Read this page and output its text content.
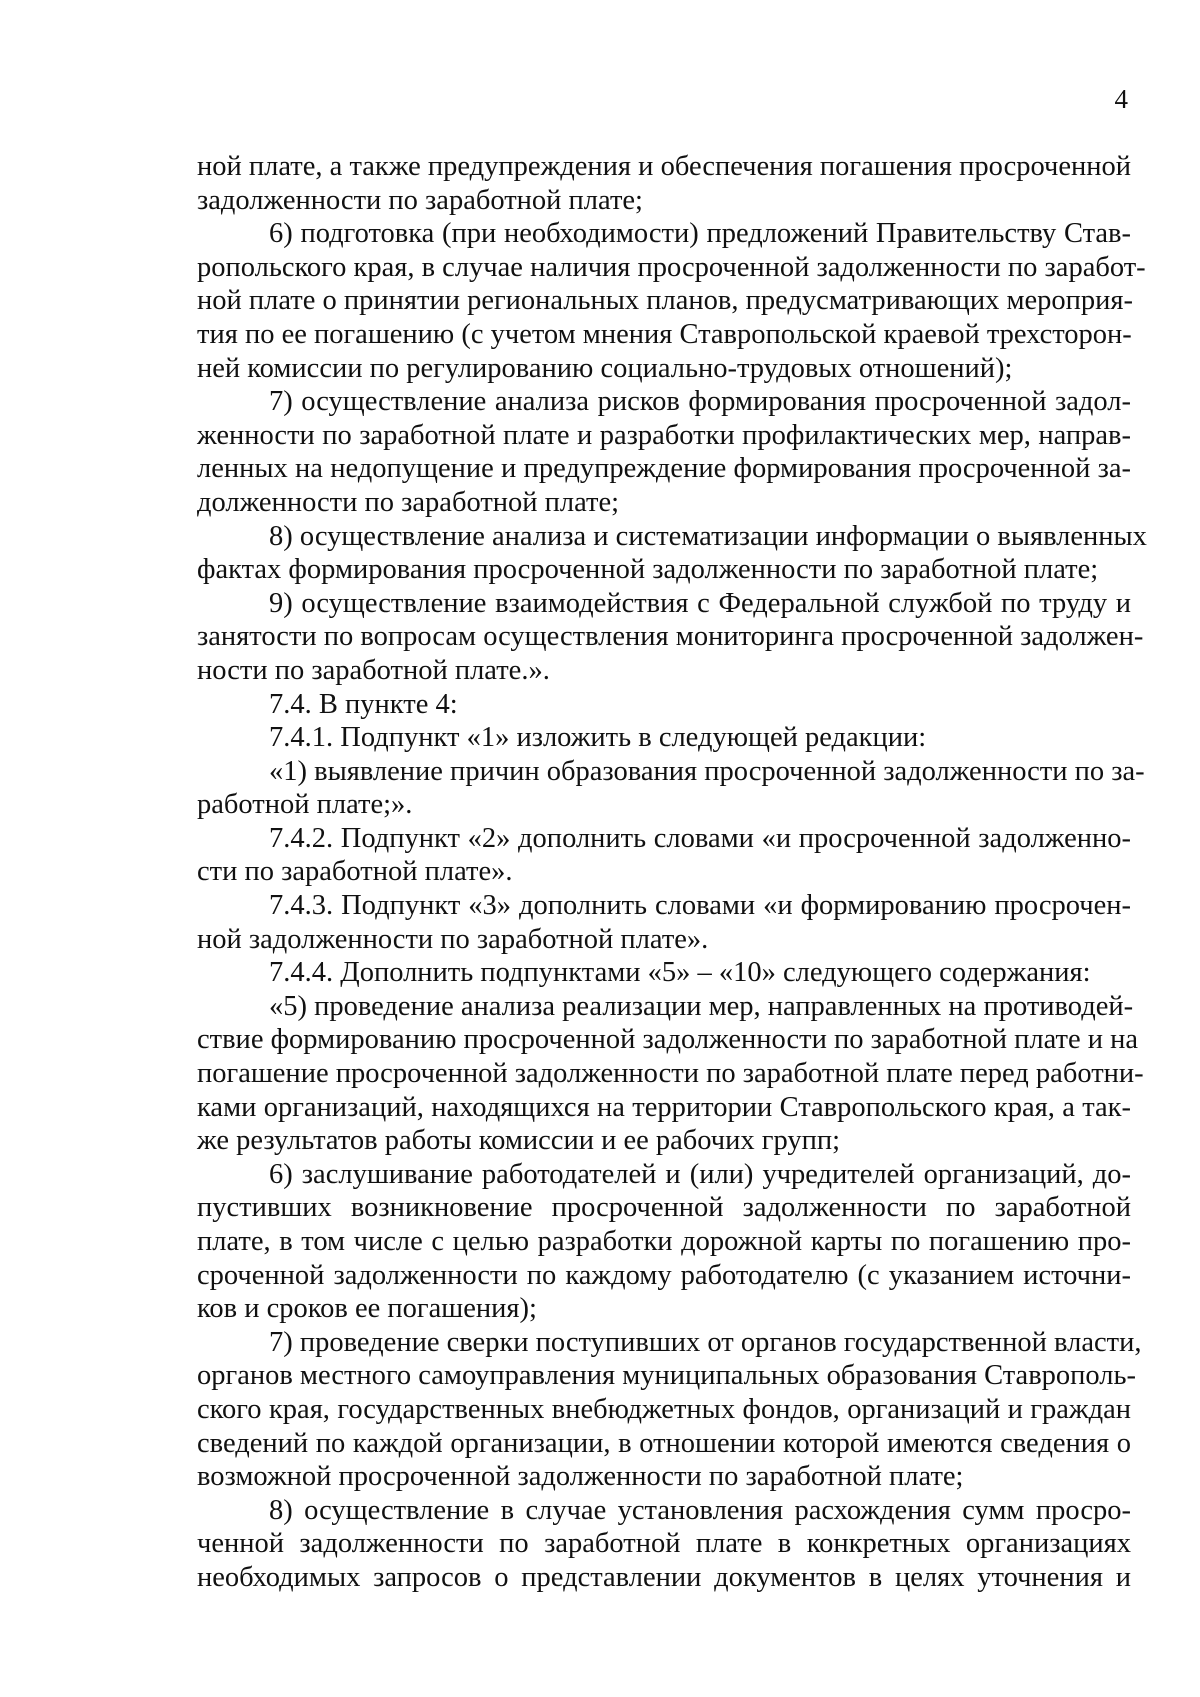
4
ной плате, а также предупреждения и обеспечения погашения просроченной
задолженности по заработной плате;
6) подготовка (при необходимости) предложений Правительству Став-
ропольского края, в случае наличия просроченной задолженности по заработ-
ной плате о принятии региональных планов, предусматривающих мероприя-
тия по ее погашению (с учетом мнения Ставропольской краевой трехсторон-
ней комиссии по регулированию социально-трудовых отношений);
7) осуществление анализа рисков формирования просроченной задол-
женности по заработной плате и разработки профилактических мер, направ-
ленных на недопущение и предупреждение формирования просроченной за-
долженности по заработной плате;
8) осуществление анализа и систематизации информации о выявленных
фактах формирования просроченной задолженности по заработной плате;
9) осуществление взаимодействия с Федеральной службой по труду и
занятости по вопросам осуществления мониторинга просроченной задолжен-
ности по заработной плате.».
7.4. В пункте 4:
7.4.1. Подпункт «1» изложить в следующей редакции:
«1) выявление причин образования просроченной задолженности по за-
работной плате;».
7.4.2. Подпункт «2» дополнить словами «и просроченной задолженно-
сти по заработной плате».
7.4.3. Подпункт «3» дополнить словами «и формированию просрочен-
ной задолженности по заработной плате».
7.4.4. Дополнить подпунктами «5» – «10» следующего содержания:
«5) проведение анализа реализации мер, направленных на противодей-
ствие формированию просроченной задолженности по заработной плате и на
погашение просроченной задолженности по заработной плате перед работни-
ками организаций, находящихся на территории Ставропольского края, а так-
же результатов работы комиссии и ее рабочих групп;
6) заслушивание работодателей и (или) учредителей организаций, до-
пустивших возникновение просроченной задолженности по заработной
плате, в том числе с целью разработки дорожной карты по погашению про-
сроченной задолженности по каждому работодателю (с указанием источни-
ков и сроков ее погашения);
7) проведение сверки поступивших от органов государственной власти,
органов местного самоуправления муниципальных образования Ставрополь-
ского края, государственных внебюджетных фондов, организаций и граждан
сведений по каждой организации, в отношении которой имеются сведения о
возможной просроченной задолженности по заработной плате;
8) осуществление в случае установления расхождения сумм просро-
ченной задолженности по заработной плате в конкретных организациях
необходимых запросов о представлении документов в целях уточнения и
